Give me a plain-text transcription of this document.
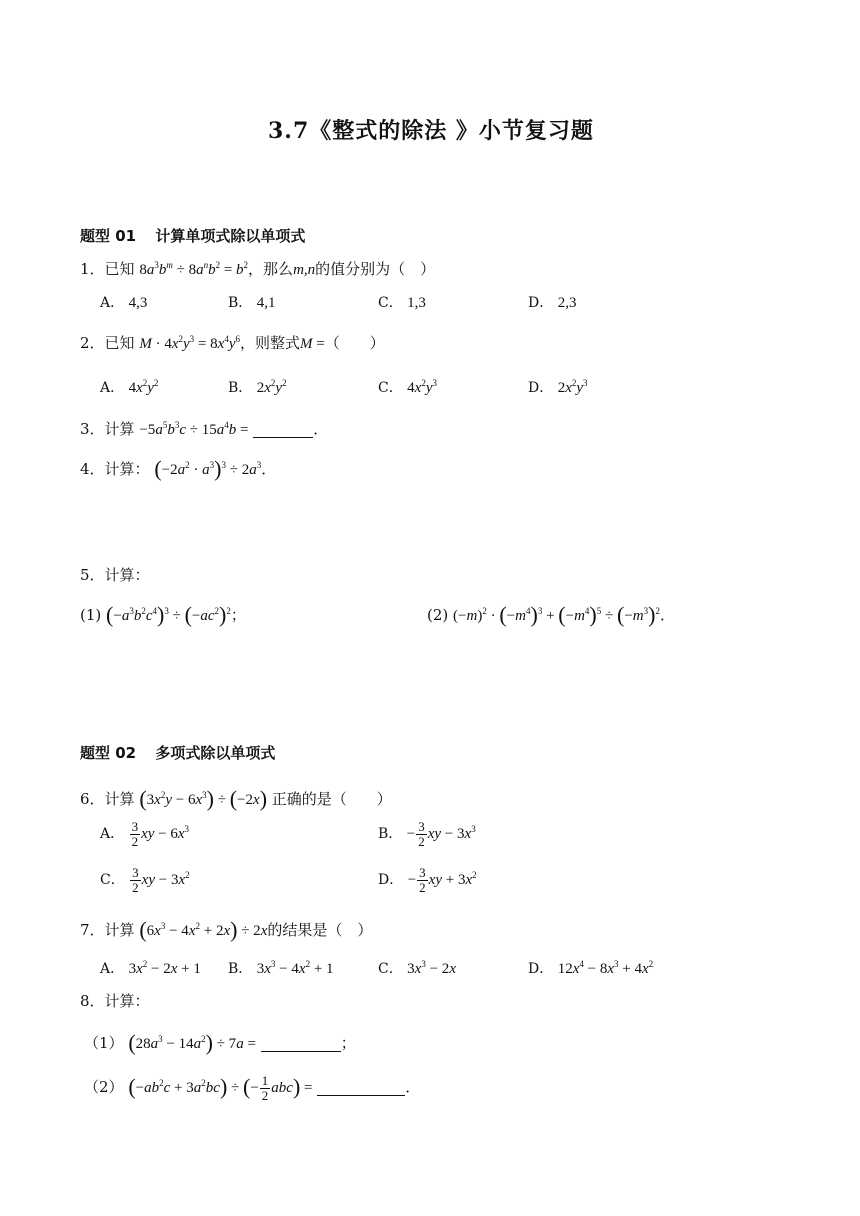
3.7《整式的除法 》小节复习题
题型 01 计算单项式除以单项式
1．已知 $8a^3b^m \div 8a^nb^2 = b^2$，那么m,n的值分别为（　）
A． 4,3	B． 4,1	C． 1,3	D． 2,3
2．已知 $M \cdot 4x^2y^3 = 8x^4y^6$，则整式M =（　　）
A． $4x^2y^2$	B． $2x^2y^2$	C． $4x^2y^3$	D． $2x^2y^3$
3．计算 $-5a^5b^3c \div 15a^4b$ =	．
4．计算： $(-2a^2 \cdot a^3)^3 \div 2a^3$．
5．计算：
(1) $(-a^3b^2c^4)^3 \div (-ac^2)^2$；	(2) $(-m)^2 \cdot (-m^4)^3 + (-m^4)^5 \div (-m^3)^2$．
题型 02 多项式除以单项式
6．计算 $(3x^2y - 6x^3) \div (-2x)$ 正确的是（　　）
A． $\frac{3}{2}$ xy − $6x^3$	B． − $\frac{3}{2}$ xy − $3x^3$
C． $\frac{3}{2}$ xy − $3x^2$	D． − $\frac{3}{2}$ xy + $3x^2$
7．计算 $(6x^3 - 4x^2 + 2x) \div 2x$的结果是（　）
A． $3x^2 - 2x + 1$ B． $3x^3 - 4x^2 + 1$	C． $3x^3 - 2x$	D． $12x^4 - 8x^3 + 4x^2$
8．计算：
（1） $(28a^3 - 14a^2) \div 7a$ =	；
（2） $(-ab^2c + 3a^2bc)$ ÷ (− $\frac{1}{2} abc$) =	．
